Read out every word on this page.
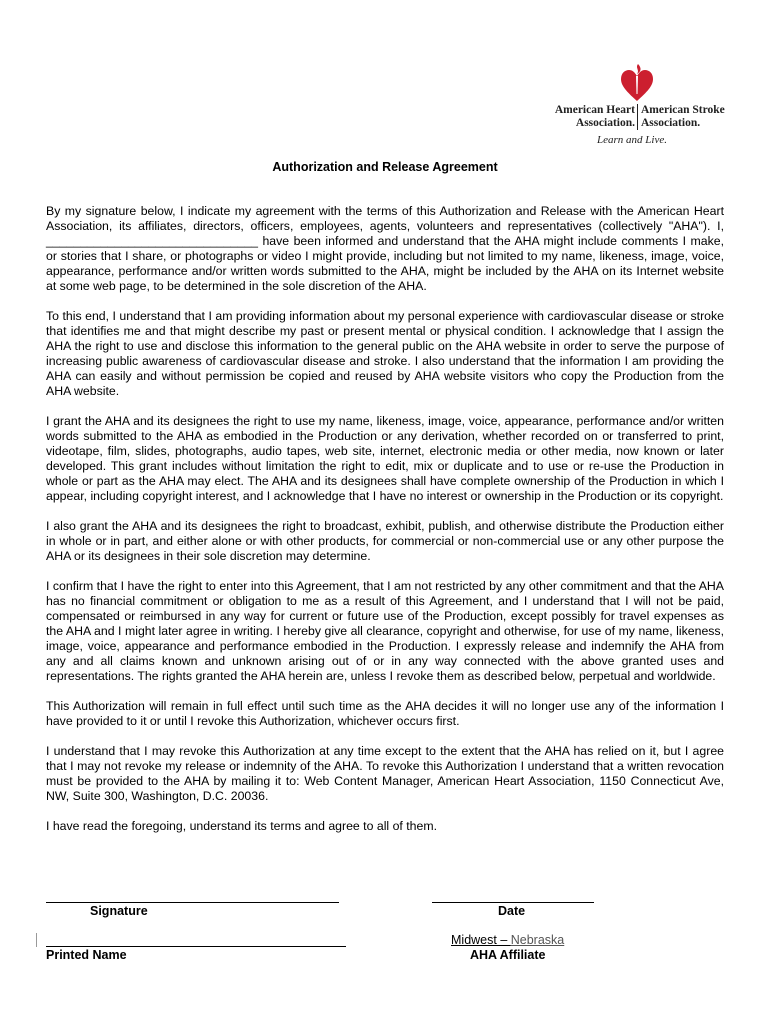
American Heart
Association.
American Stroke
Association.
Learn and Live.
Authorization and Release Agreement

By my signature below, I indicate my agreement with the terms of this Authorization and Release with the American Heart Association, its affiliates, directors, officers, employees, agents, volunteers and representatives (collectively "AHA"). I, _______________________________ have been informed and understand that the AHA might include comments I make, or stories that I share, or photographs or video I might provide, including but not limited to my name, likeness, image, voice, appearance, performance and/or written words submitted to the AHA, might be included by the AHA on its Internet website at some web page, to be determined in the sole discretion of the AHA.

To this end, I understand that I am providing information about my personal experience with cardiovascular disease or stroke that identifies me and that might describe my past or present mental or physical condition. I acknowledge that I assign the AHA the right to use and disclose this information to the general public on the AHA website in order to serve the purpose of increasing public awareness of cardiovascular disease and stroke. I also understand that the information I am providing the AHA can easily and without permission be copied and reused by AHA website visitors who copy the Production from the AHA website.

I grant the AHA and its designees the right to use my name, likeness, image, voice, appearance, performance and/or written words submitted to the AHA as embodied in the Production or any derivation, whether recorded on or transferred to print, videotape, film, slides, photographs, audio tapes, web site, internet, electronic media or other media, now known or later developed. This grant includes without limitation the right to edit, mix or duplicate and to use or re-use the Production in whole or part as the AHA may elect. The AHA and its designees shall have complete ownership of the Production in which I appear, including copyright interest, and I acknowledge that I have no interest or ownership in the Production or its copyright.

I also grant the AHA and its designees the right to broadcast, exhibit, publish, and otherwise distribute the Production either in whole or in part, and either alone or with other products, for commercial or non-commercial use or any other purpose the AHA or its designees in their sole discretion may determine.

I confirm that I have the right to enter into this Agreement, that I am not restricted by any other commitment and that the AHA has no financial commitment or obligation to me as a result of this Agreement, and I understand that I will not be paid, compensated or reimbursed in any way for current or future use of the Production, except possibly for travel expenses as the AHA and I might later agree in writing. I hereby give all clearance, copyright and otherwise, for use of my name, likeness, image, voice, appearance and performance embodied in the Production. I expressly release and indemnify the AHA from any and all claims known and unknown arising out of or in any way connected with the above granted uses and representations. The rights granted the AHA herein are, unless I revoke them as described below, perpetual and worldwide.

This Authorization will remain in full effect until such time as the AHA decides it will no longer use any of the information I have provided to it or until I revoke this Authorization, whichever occurs first.

I understand that I may revoke this Authorization at any time except to the extent that the AHA has relied on it, but I agree that I may not revoke my release or indemnity of the AHA. To revoke this Authorization I understand that a written revocation must be provided to the AHA by mailing it to: Web Content Manager, American Heart Association, 1150 Connecticut Ave, NW, Suite 300, Washington, D.C. 20036.

I have read the foregoing, understand its terms and agree to all of them.

Signature	Date
Printed Name
Midwest – Nebraska
AHA Affiliate
